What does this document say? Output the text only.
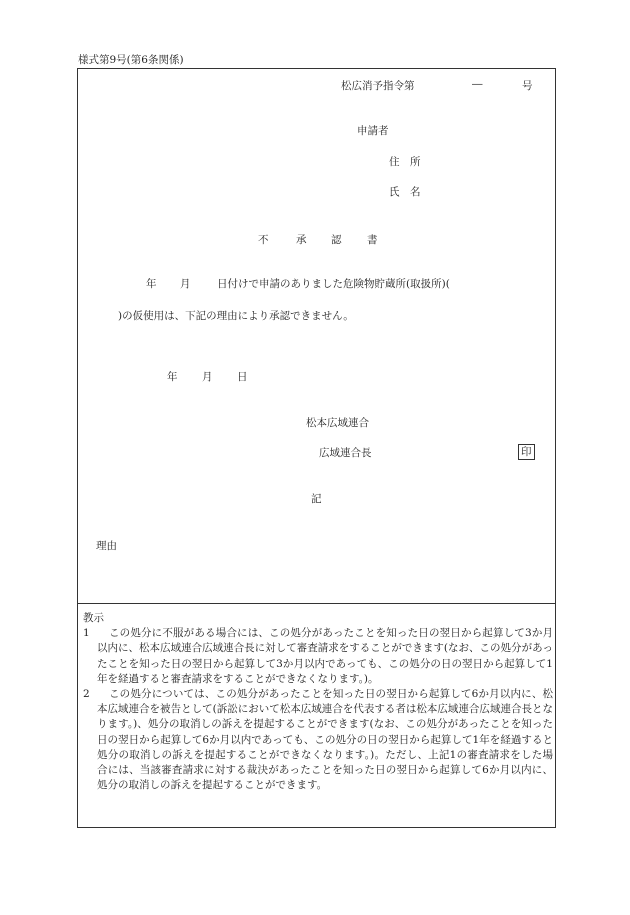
様式第9号(第6条関係)
松広消予指令第	―	号
申請者
住　所
氏　名
不	承 認 書
年 月	日付けで申請のありました危険物貯蔵所(取扱所)(
)の仮使用は、下記の理由により承認できません。
年 月 日
松本広域連合
広域連合長	印
記
理由
教示
1 この処分に不服がある場合には、この処分があったことを知った日の翌日から起算して3か月以内に、松本広域連合広域連合長に対して審査請求をすることができます(なお、この処分があったことを知った日の翌日から起算して3か月以内であっても、この処分の日の翌日から起算して1年を経過すると審査請求をすることができなくなります。)。
2 この処分については、この処分があったことを知った日の翌日から起算して6か月以内に、松本広域連合を被告として(訴訟において松本広域連合を代表する者は松本広域連合広域連合長となります。)、処分の取消しの訴えを提起することができます(なお、この処分があったことを知った日の翌日から起算して6か月以内であっても、この処分の日の翌日から起算して1年を経過すると処分の取消しの訴えを提起することができなくなります。)。ただし、上記1の審査請求をした場合には、当該審査請求に対する裁決があったことを知った日の翌日から起算して6か月以内に、処分の取消しの訴えを提起することができます。
